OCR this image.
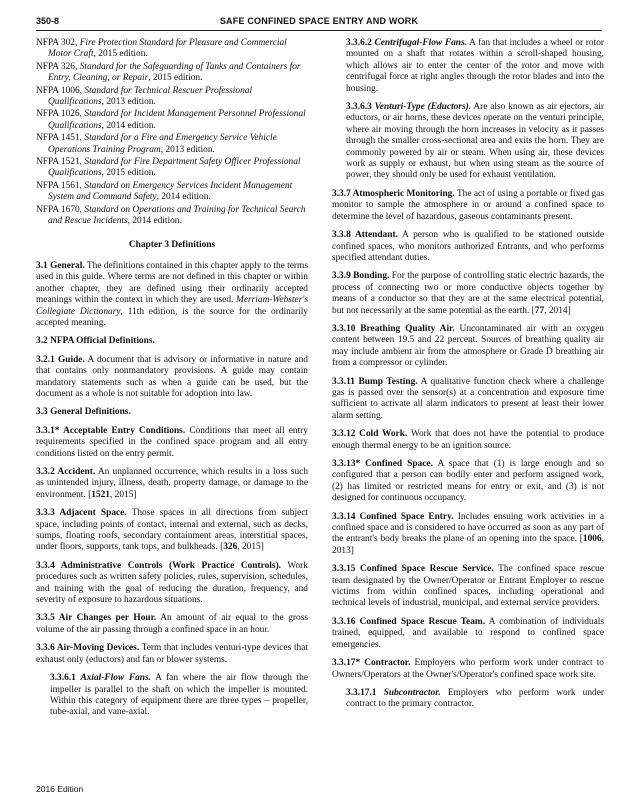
350-8	SAFE CONFINED SPACE ENTRY AND WORK

NFPA 302, Fire Protection Standard for Pleasure and Commercial Motor Craft, 2015 edition.

NFPA 326, Standard for the Safeguarding of Tanks and Containers for Entry, Cleaning, or Repair, 2015 edition.

NFPA 1006, Standard for Technical Rescuer Professional Qualifications, 2013 edition.

NFPA 1026, Standard for Incident Management Personnel Professional Qualifications, 2014 edition.

NFPA 1451, Standard for a Fire and Emergency Service Vehicle Operations Training Program, 2013 edition.

NFPA 1521, Standard for Fire Department Safety Officer Professional Qualifications, 2015 edition.

NFPA 1561, Standard on Emergency Services Incident Management System and Command Safety, 2014 edition.

NFPA 1670, Standard on Operations and Training for Technical Search and Rescue Incidents, 2014 edition.

Chapter 3 Definitions

3.1 General. The definitions contained in this chapter apply to the terms used in this guide. Where terms are not defined in this chapter or within another chapter, they are defined using their ordinarily accepted meanings within the context in which they are used. Merriam-Webster's Collegiate Dictionary, 11th edition, is the source for the ordinarily accepted meaning.

3.2 NFPA Official Definitions.

3.2.1 Guide. A document that is advisory or informative in nature and that contains only nonmandatory provisions. A guide may contain mandatory statements such as when a guide can be used, but the document as a whole is not suitable for adoption into law.

3.3 General Definitions.

3.3.1* Acceptable Entry Conditions. Conditions that meet all entry requirements specified in the confined space program and all entry conditions listed on the entry permit.

3.3.2 Accident. An unplanned occurrence, which results in a loss such as unintended injury, illness, death, property damage, or damage to the environment. [1521, 2015]

3.3.3 Adjacent Space. Those spaces in all directions from subject space, including points of contact, internal and external, such as decks, sumps, floating roofs, secondary containment areas, interstitial spaces, under floors, supports, tank tops, and bulkheads. [326, 2015]

3.3.4 Administrative Controls (Work Practice Controls). Work procedures such as written safety policies, rules, supervision, schedules, and training with the goal of reducing the duration, frequency, and severity of exposure to hazardous situations.

3.3.5 Air Changes per Hour. An amount of air equal to the gross volume of the air passing through a confined space in an hour.

3.3.6 Air-Moving Devices. Term that includes venturi-type devices that exhaust only (eductors) and fan or blower systems.

3.3.6.1 Axial-Flow Fans. A fan where the air flow through the impeller is parallel to the shaft on which the impeller is mounted. Within this category of equipment there are three types – propeller, tube-axial, and vane-axial.

3.3.6.2 Centrifugal-Flow Fans. A fan that includes a wheel or rotor mounted on a shaft that rotates within a scroll-shaped housing, which allows air to enter the center of the rotor and move with centrifugal force at right angles through the rotor blades and into the housing.

3.3.6.3 Venturi-Type (Eductors). Are also known as air ejectors, air eductors, or air horns, these devices operate on the venturi principle, where air moving through the horn increases in velocity as it passes through the smaller cross-sectional area and exits the horn. They are commonly powered by air or steam. When using air, these devices work as supply or exhaust, but when using steam as the source of power, they should only be used for exhaust ventilation.

3.3.7 Atmospheric Monitoring. The act of using a portable or fixed gas monitor to sample the atmosphere in or around a confined space to determine the level of hazardous, gaseous contaminants present.

3.3.8 Attendant. A person who is qualified to be stationed outside confined spaces, who monitors authorized Entrants, and who performs specified attendant duties.

3.3.9 Bonding. For the purpose of controlling static electric hazards, the process of connecting two or more conductive objects together by means of a conductor so that they are at the same electrical potential, but not necessarily at the same potential as the earth. [77, 2014]

3.3.10 Breathing Quality Air. Uncontaminated air with an oxygen content between 19.5 and 22 percent. Sources of breathing quality air may include ambient air from the atmosphere or Grade D breathing air from a compressor or cylinder.

3.3.11 Bump Testing. A qualitative function check where a challenge gas is passed over the sensor(s) at a concentration and exposure time sufficient to activate all alarm indicators to present at least their lower alarm setting.

3.3.12 Cold Work. Work that does not have the potential to produce enough thermal energy to be an ignition source.

3.3.13* Confined Space. A space that (1) is large enough and so configured that a person can bodily enter and perform assigned work, (2) has limited or restricted means for entry or exit, and (3) is not designed for continuous occupancy.

3.3.14 Confined Space Entry. Includes ensuing work activities in a confined space and is considered to have occurred as soon as any part of the entrant's body breaks the plane of an opening into the space. [1006, 2013]

3.3.15 Confined Space Rescue Service. The confined space rescue team designated by the Owner/Operator or Entrant Employer to rescue victims from within confined spaces, including operational and technical levels of industrial, municipal, and external service providers.

3.3.16 Confined Space Rescue Team. A combination of individuals trained, equipped, and available to respond to confined space emergencies.

3.3.17* Contractor. Employers who perform work under contract to Owners/Operators at the Owner's/Operator's confined space work site.

3.3.17.1 Subcontractor. Employers who perform work under contract to the primary contractor.

2016 Edition
